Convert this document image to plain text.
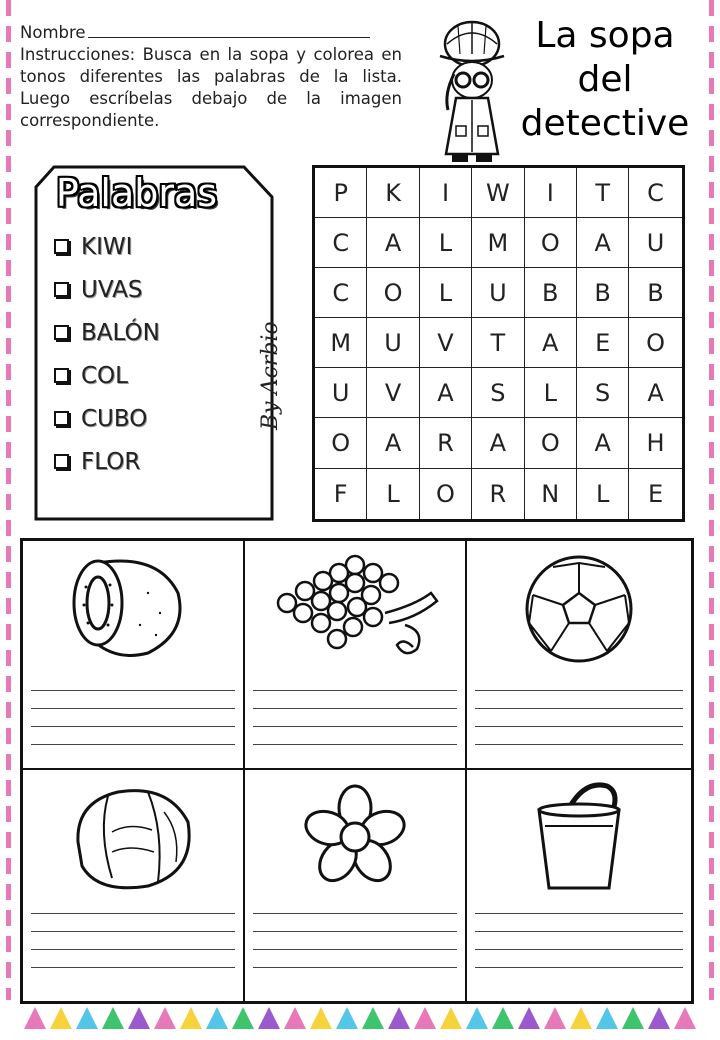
Nombre
Instrucciones: Busca en la sopa y colorea en tonos diferentes las palabras de la lista. Luego escríbelas debajo de la imagen correspondiente.
La sopa
del
detective
Palabras
KIWI
UVAS
BALÓN
COL
CUBO
FLOR
By Acrbio
P	K	I	W	I	T	C
C	A	L	M	O	A	U
C	O	L	U	B	B	B
M	U	V	T	A	E	O
U	V	A	S	L	S	A
O	A	R	A	O	A	H
F	L	O	R	N	L	E
